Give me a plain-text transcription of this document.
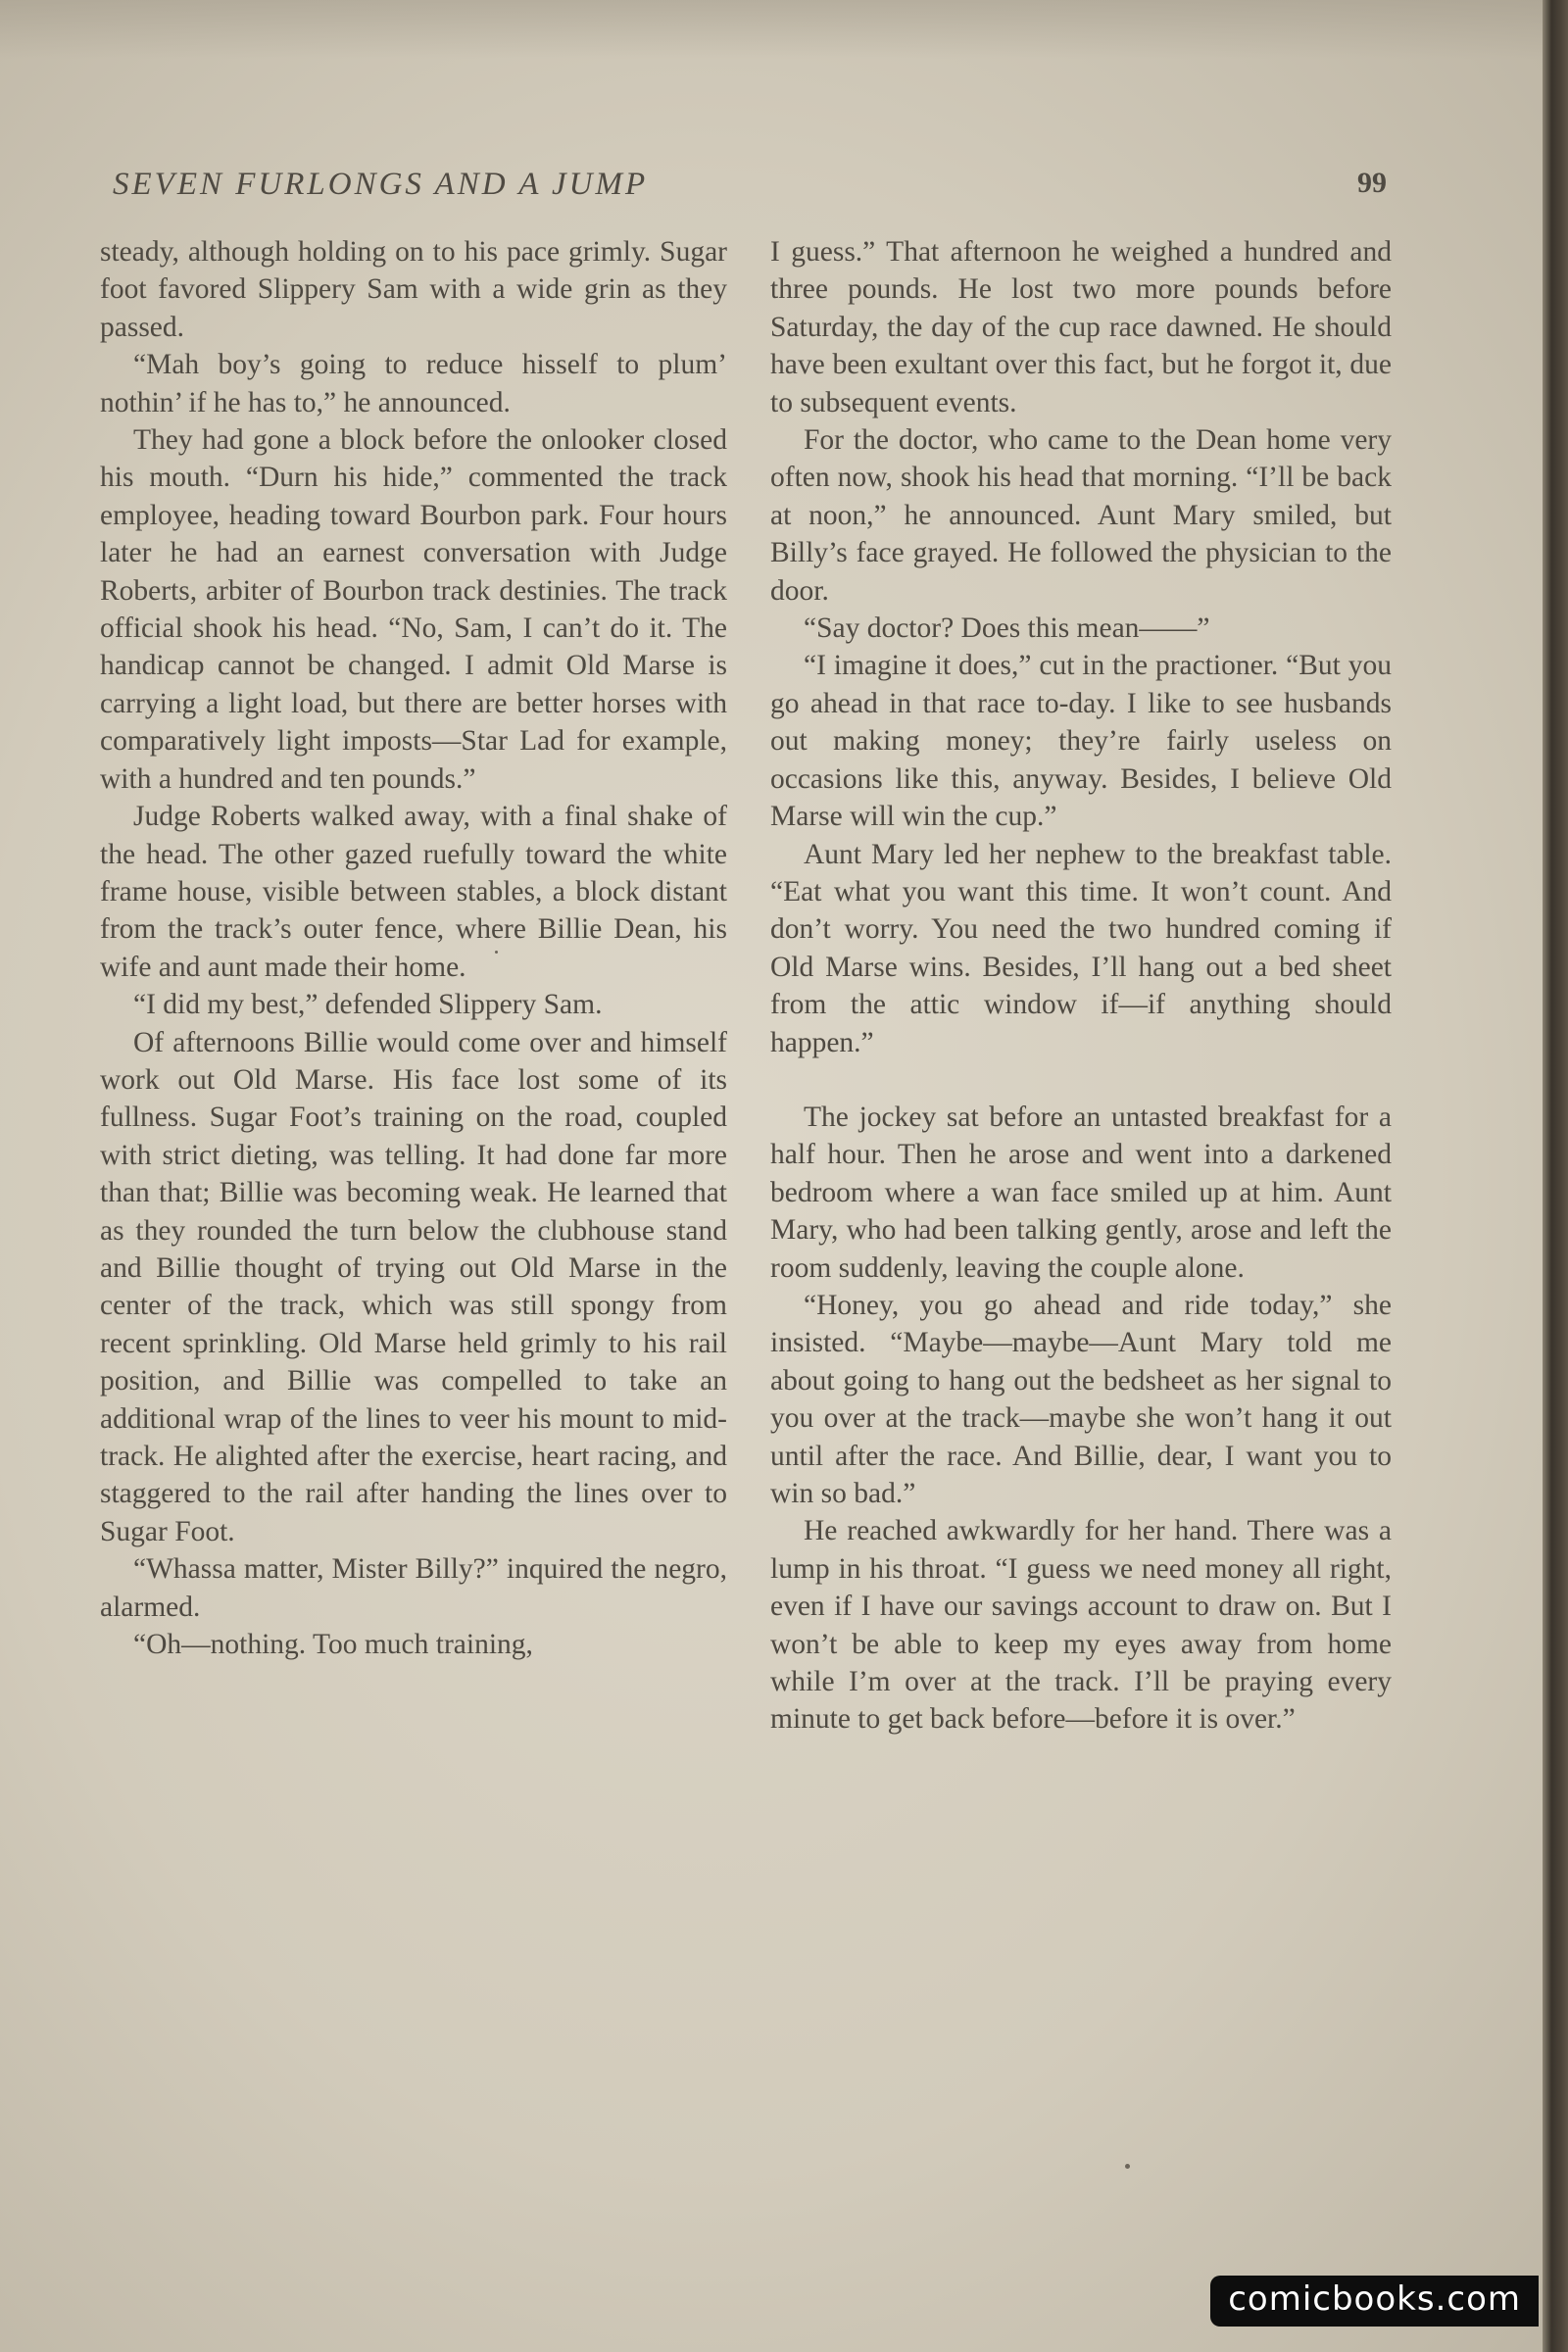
SEVEN FURLONGS AND A JUMP	99

steady, although holding on to his pace grimly. Sugar foot favored Slippery Sam with a wide grin as they passed.

“Mah boy’s going to reduce hisself to plum’ nothin’ if he has to,” he announced.

They had gone a block before the onlooker closed his mouth. “Durn his hide,” commented the track employee, heading toward Bourbon park. Four hours later he had an earnest conversation with Judge Roberts, arbiter of Bourbon track destinies. The track official shook his head. “No, Sam, I can’t do it. The handicap cannot be changed. I admit Old Marse is carrying a light load, but there are better horses with comparatively light imposts—Star Lad for example, with a hundred and ten pounds.”

Judge Roberts walked away, with a final shake of the head. The other gazed ruefully toward the white frame house, visible between stables, a block distant from the track’s outer fence, where Billie Dean, his wife and aunt made their home.

“I did my best,” defended Slippery Sam.

Of afternoons Billie would come over and himself work out Old Marse. His face lost some of its fullness. Sugar Foot’s training on the road, coupled with strict dieting, was telling. It had done far more than that; Billie was becoming weak. He learned that as they rounded the turn below the clubhouse stand and Billie thought of trying out Old Marse in the center of the track, which was still spongy from recent sprinkling. Old Marse held grimly to his rail position, and Billie was compelled to take an additional wrap of the lines to veer his mount to mid-track. He alighted after the exercise, heart racing, and staggered to the rail after handing the lines over to Sugar Foot.

“Whassa matter, Mister Billy?” inquired the negro, alarmed.

“Oh—nothing. Too much training,

I guess.” That afternoon he weighed a hundred and three pounds. He lost two more pounds before Saturday, the day of the cup race dawned. He should have been exultant over this fact, but he forgot it, due to subsequent events.

For the doctor, who came to the Dean home very often now, shook his head that morning. “I’ll be back at noon,” he announced. Aunt Mary smiled, but Billy’s face grayed. He followed the physician to the door.

“Say doctor? Does this mean——”

“I imagine it does,” cut in the practioner. “But you go ahead in that race to-day. I like to see husbands out making money; they’re fairly useless on occasions like this, anyway. Besides, I believe Old Marse will win the cup.”

Aunt Mary led her nephew to the breakfast table. “Eat what you want this time. It won’t count. And don’t worry. You need the two hundred coming if Old Marse wins. Besides, I’ll hang out a bed sheet from the attic window if—if anything should happen.”

The jockey sat before an untasted breakfast for a half hour. Then he arose and went into a darkened bedroom where a wan face smiled up at him. Aunt Mary, who had been talking gently, arose and left the room suddenly, leaving the couple alone.

“Honey, you go ahead and ride today,” she insisted. “Maybe—maybe—Aunt Mary told me about going to hang out the bedsheet as her signal to you over at the track—maybe she won’t hang it out until after the race. And Billie, dear, I want you to win so bad.”

He reached awkwardly for her hand. There was a lump in his throat. “I guess we need money all right, even if I have our savings account to draw on. But I won’t be able to keep my eyes away from home while I’m over at the track. I’ll be praying every minute to get back before—before it is over.”

comicbooks.com
